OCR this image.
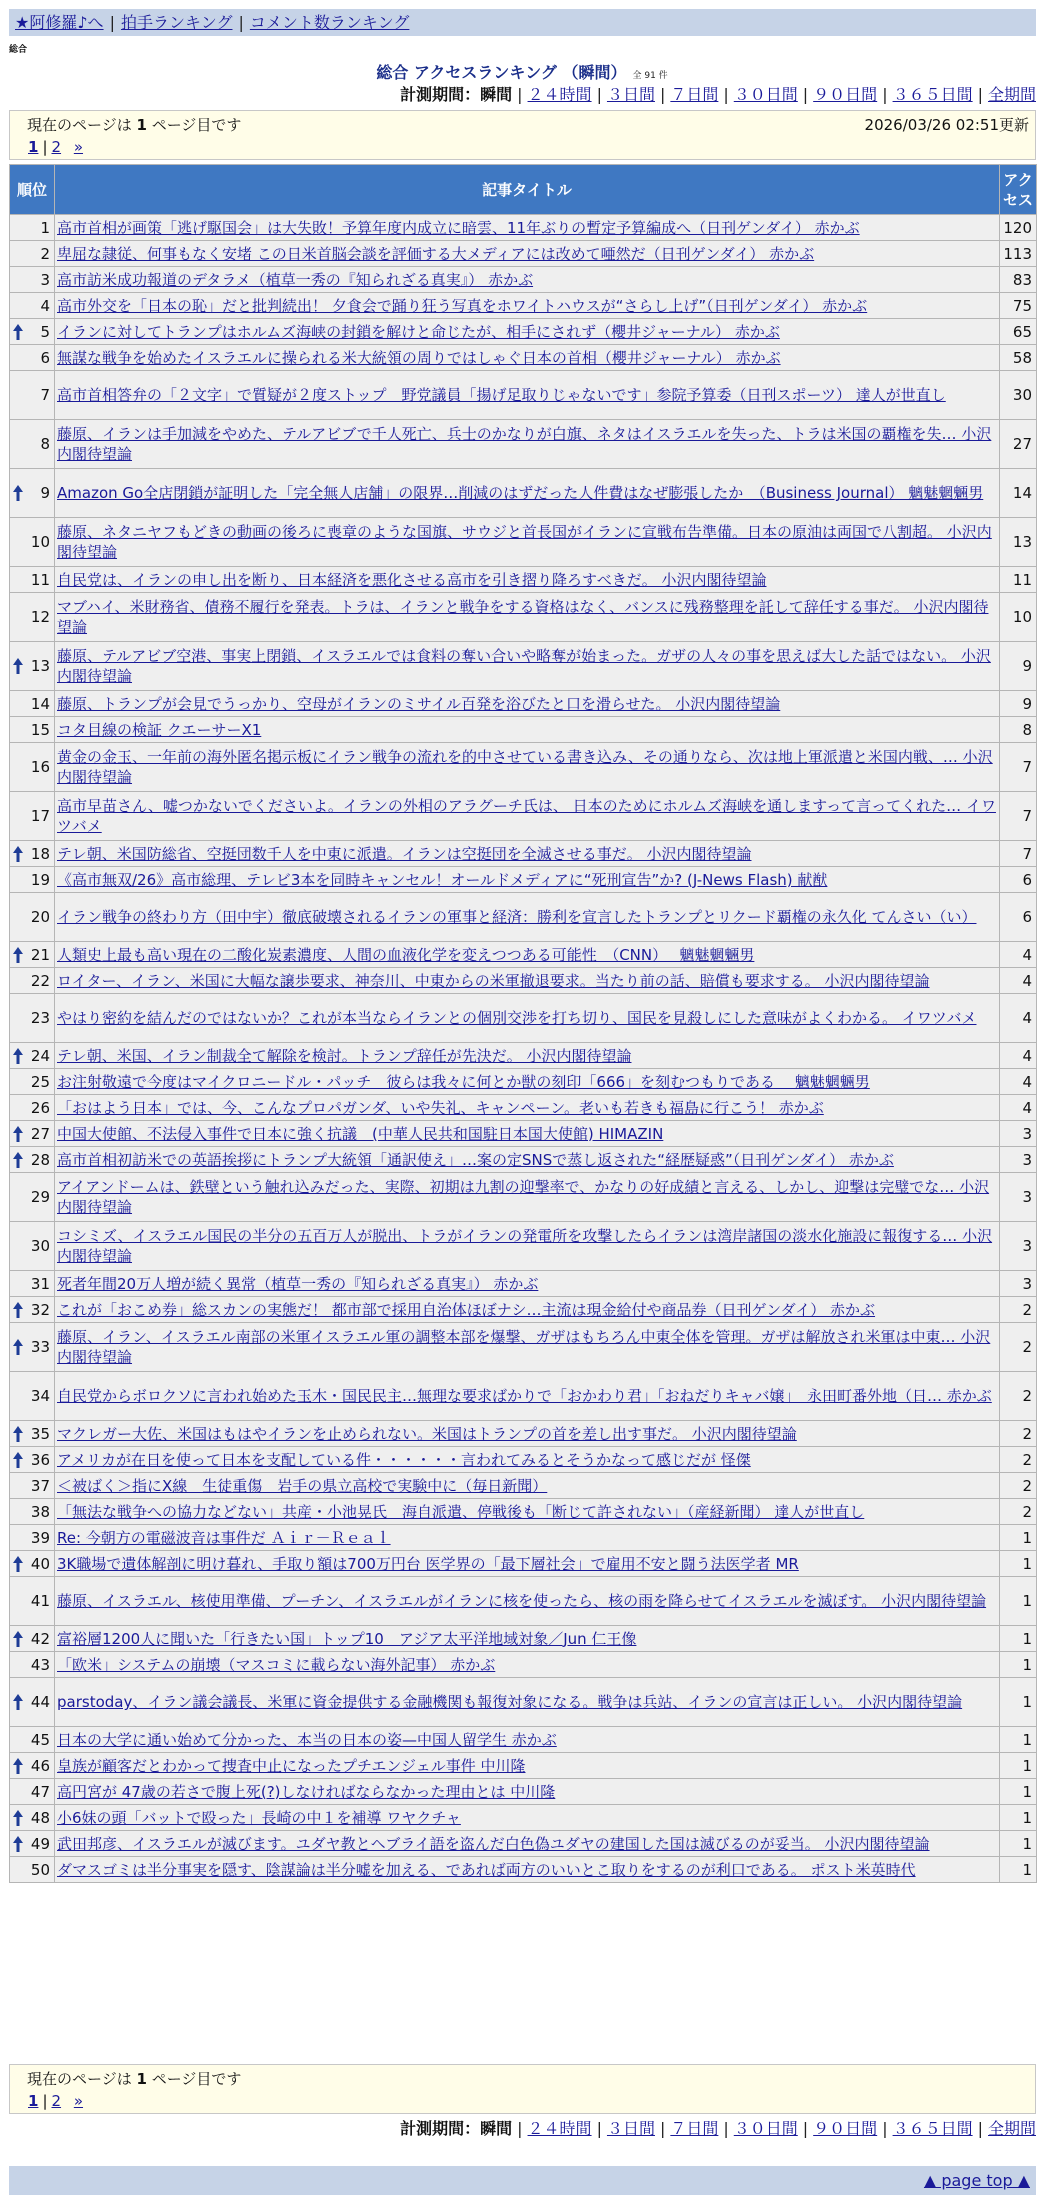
★阿修羅♪へ | 拍手ランキング | コメント数ランキング
総合
総合 アクセスランキング （瞬間） 全 91 件
計測期間：瞬間 | ２４時間 | ３日間 | ７日間 | ３０日間 | ９０日間 | ３６５日間 | 全期間
現在のページは 1 ページ目です	2026/03/26 02:51更新
1 | 2 »
順位	記事タイトル	アクセス
1	高市首相が画策「逃げ駆国会」は大失敗！予算年度内成立に暗雲、11年ぶりの暫定予算編成へ（日刊ゲンダイ） 赤かぶ	120
2	卑屈な隷従、何事もなく安堵 この日米首脳会談を評価する大メディアには改めて唖然だ（日刊ゲンダイ） 赤かぶ	113
3	高市訪米成功報道のデタラメ（植草一秀の『知られざる真実』） 赤かぶ	83
4	高市外交を「日本の恥」だと批判続出！ 夕食会で踊り狂う写真をホワイトハウスが“さらし上げ”（日刊ゲンダイ） 赤かぶ	75

5	イランに対してトランプはホルムズ海峡の封鎖を解けと命じたが、相手にされず（櫻井ジャーナル） 赤かぶ	65
6	無謀な戦争を始めたイスラエルに操られる米大統領の周りではしゃぐ日本の首相（櫻井ジャーナル） 赤かぶ	58
7	高市首相答弁の「２文字」で質疑が２度ストップ　野党議員「揚げ足取りじゃないです」参院予算委（日刊スポーツ） 達人が世直し	30
8	藤原、イランは手加減をやめた、テルアビブで千人死亡、兵士のかなりが白旗、ネタはイスラエルを失った、トラは米国の覇権を失… 小沢内閣待望論	27

9	Amazon Go全店閉鎖が証明した「完全無人店舗」の限界…削減のはずだった人件費はなぜ膨張したか　（Business Journal） 魑魅魍魎男	14
10	藤原、ネタニヤフもどきの動画の後ろに喪章のような国旗、サウジと首長国がイランに宣戦布告準備。日本の原油は両国で八割超。 小沢内閣待望論	13
11	自民党は、イランの申し出を断り、日本経済を悪化させる高市を引き摺り降ろすべきだ。 小沢内閣待望論	11
12	マブハイ、米財務省、債務不履行を発表。トラは、イランと戦争をする資格はなく、バンスに残務整理を託して辞任する事だ。 小沢内閣待望論	10

13	藤原、テルアビブ空港、事実上閉鎖、イスラエルでは食料の奪い合いや略奪が始まった。ガザの人々の事を思えば大した話ではない。 小沢内閣待望論	9
14	藤原、トランプが会見でうっかり、空母がイランのミサイル百発を浴びたと口を滑らせた。 小沢内閣待望論	9
15	コタ目線の検証 クエーサーX1	8
16	黄金の金玉、一年前の海外匿名掲示板にイラン戦争の流れを的中させている書き込み、その通りなら、次は地上軍派遣と米国内戦、… 小沢内閣待望論	7
17	高市早苗さん、嘘つかないでくださいよ。イランの外相のアラグーチ氏は、 日本のためにホルムズ海峡を通しますって言ってくれた… イワツバメ	7

18	テレ朝、米国防総省、空挺団数千人を中東に派遣。イランは空挺団を全滅させる事だ。 小沢内閣待望論	7
19	《高市無双/26》高市総理、テレビ3本を同時キャンセル！オールドメディアに“死刑宣告”か? (J-News Flash) 献猷	6
20	イラン戦争の終わり方（田中宇）徹底破壊されるイランの軍事と経済：勝利を宣言したトランプとリクード覇権の永久化 てんさい（い）	6

21	人類史上最も高い現在の二酸化炭素濃度、人間の血液化学を変えつつある可能性　（CNN）　 魑魅魍魎男	4
22	ロイター、イラン、米国に大幅な譲歩要求、神奈川、中東からの米軍撤退要求。当たり前の話、賠償も要求する。 小沢内閣待望論	4
23	やはり密約を結んだのではないか？これが本当ならイランとの個別交渉を打ち切り、国民を見殺しにした意味がよくわかる。 イワツバメ	4

24	テレ朝、米国、イラン制裁全て解除を検討。トランプ辞任が先決だ。 小沢内閣待望論	4
25	お注射敬遠で今度はマイクロニードル・パッチ　彼らは我々に何とか獣の刻印「666」を刻むつもりである　 魑魅魍魎男	4
26	「おはよう日本」では、今、こんなプロパガンダ、いや失礼、キャンペーン。老いも若きも福島に行こう！ 赤かぶ	4

27	中国大使館、不法侵入事件で日本に強く抗議　(中華人民共和国駐日本国大使館) HIMAZIN	3

28	高市首相初訪米での英語挨拶にトランプ大統領「通訳使え」…案の定SNSで蒸し返された“経歴疑惑”（日刊ゲンダイ） 赤かぶ	3
29	アイアンドームは、鉄壁という触れ込みだった、実際、初期は九割の迎撃率で、かなりの好成績と言える、しかし、迎撃は完璧でな… 小沢内閣待望論	3
30	コシミズ、イスラエル国民の半分の五百万人が脱出、トラがイランの発電所を攻撃したらイランは湾岸諸国の淡水化施設に報復する… 小沢内閣待望論	3
31	死者年間20万人増が続く異常（植草一秀の『知られざる真実』） 赤かぶ	3

32	これが「おこめ券」総スカンの実態だ！ 都市部で採用自治体ほぼナシ…主流は現金給付や商品券（日刊ゲンダイ） 赤かぶ	2

33	藤原、イラン、イスラエル南部の米軍イスラエル軍の調整本部を爆撃、ガザはもちろん中東全体を管理。ガザは解放され米軍は中東… 小沢内閣待望論	2
34	自民党からボロクソに言われ始めた玉木・国民民主…無理な要求ばかりで「おかわり君」「おねだりキャバ嬢」　永田町番外地（日… 赤かぶ	2

35	マクレガー大佐、米国はもはやイランを止められない。米国はトランプの首を差し出す事だ。 小沢内閣待望論	2

36	アメリカが在日を使って日本を支配している件・・・・・・言われてみるとそうかなって感じだが 怪傑	2
37	＜被ばく＞指にX線　生徒重傷　岩手の県立高校で実験中に（毎日新聞）	2
38	「無法な戦争への協力などない」共産・小池晃氏　海自派遣、停戦後も「断じて許されない」（産経新聞） 達人が世直し	2
39	Re: 今朝方の電磁波音は事件だ Ａｉｒ－Ｒｅａｌ	1

40	3K職場で遺体解剖に明け暮れ、手取り額は700万円台 医学界の「最下層社会」で雇用不安と闘う法医学者 MR	1
41	藤原、イスラエル、核使用準備、プーチン、イスラエルがイランに核を使ったら、核の雨を降らせてイスラエルを滅ぼす。 小沢内閣待望論	1

42	富裕層1200人に聞いた「行きたい国」トップ10　アジア太平洋地域対象／Jun 仁王像	1
43	「欧米」システムの崩壊（マスコミに載らない海外記事） 赤かぶ	1

44	parstoday、イラン議会議長、米軍に資金提供する金融機関も報復対象になる。戦争は兵站、イランの宣言は正しい。 小沢内閣待望論	1
45	日本の大学に通い始めて分かった、本当の日本の姿—中国人留学生 赤かぶ	1

46	皇族が顧客だとわかって捜査中止になったプチエンジェル事件 中川隆	1
47	高円宮が 47歳の若さで腹上死(?)しなければならなかった理由とは 中川隆	1

48	小6妹の頭「バットで殴った」長崎の中１を補導 ワヤクチャ	1

49	武田邦彦、イスラエルが滅びます。ユダヤ教とヘブライ語を盗んだ白色偽ユダヤの建国した国は滅びるのが妥当。 小沢内閣待望論	1
50	ダマスゴミは半分事実を隠す、陰謀論は半分嘘を加える、であれば両方のいいとこ取りをするのが利口である。 ポスト米英時代	1
現在のページは 1 ページ目です
1 | 2 »
計測期間：瞬間 | ２４時間 | ３日間 | ７日間 | ３０日間 | ９０日間 | ３６５日間 | 全期間
▲ page top ▲
